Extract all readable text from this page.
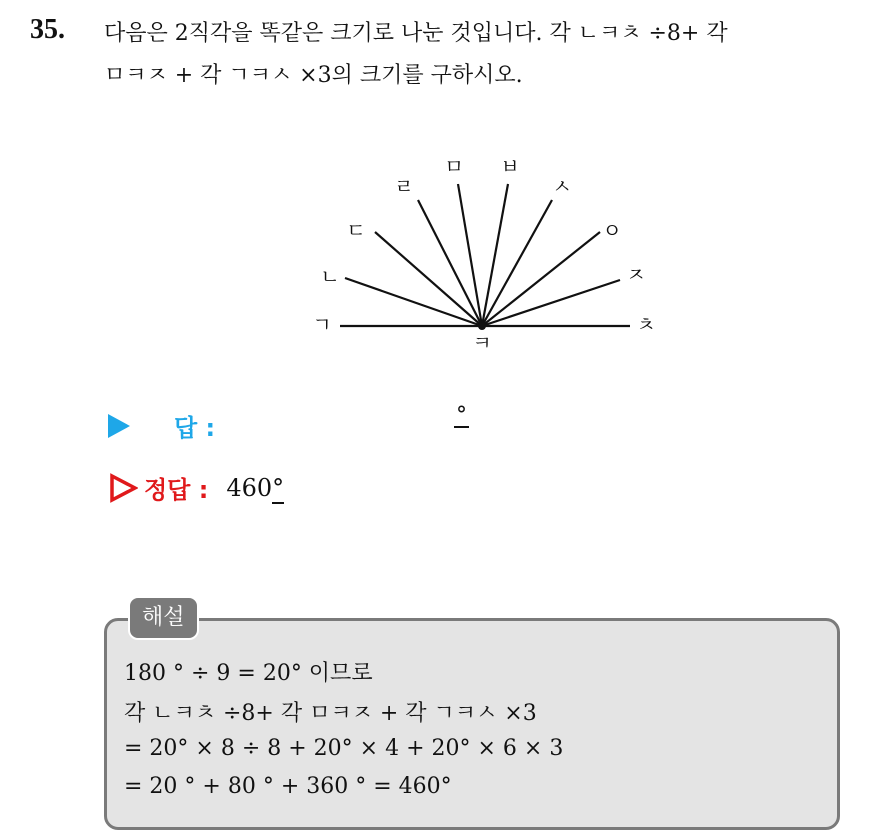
35. 다음은 2직각을 똑같은 크기로 나눈 것입니다. 각 ㄴㅋㅊ ÷8+ 각
ㅁㅋㅈ + 각 ㄱㅋㅅ ×3의 크기를 구하시오.
ㄱ
ㄴ
ㄷ
ㄹ
ㅁ ㅂ
ㅅ
ㅇ
ㅈ
ㅊ
ㅋ
답 :	°
정답 : 460°
해설
180 ° ÷ 9 = 20° 이므로
각 ㄴㅋㅊ ÷8+ 각 ㅁㅋㅈ + 각 ㄱㅋㅅ ×3
= 20° × 8 ÷ 8 + 20° × 4 + 20° × 6 × 3
= 20 ° + 80 ° + 360 ° = 460°
